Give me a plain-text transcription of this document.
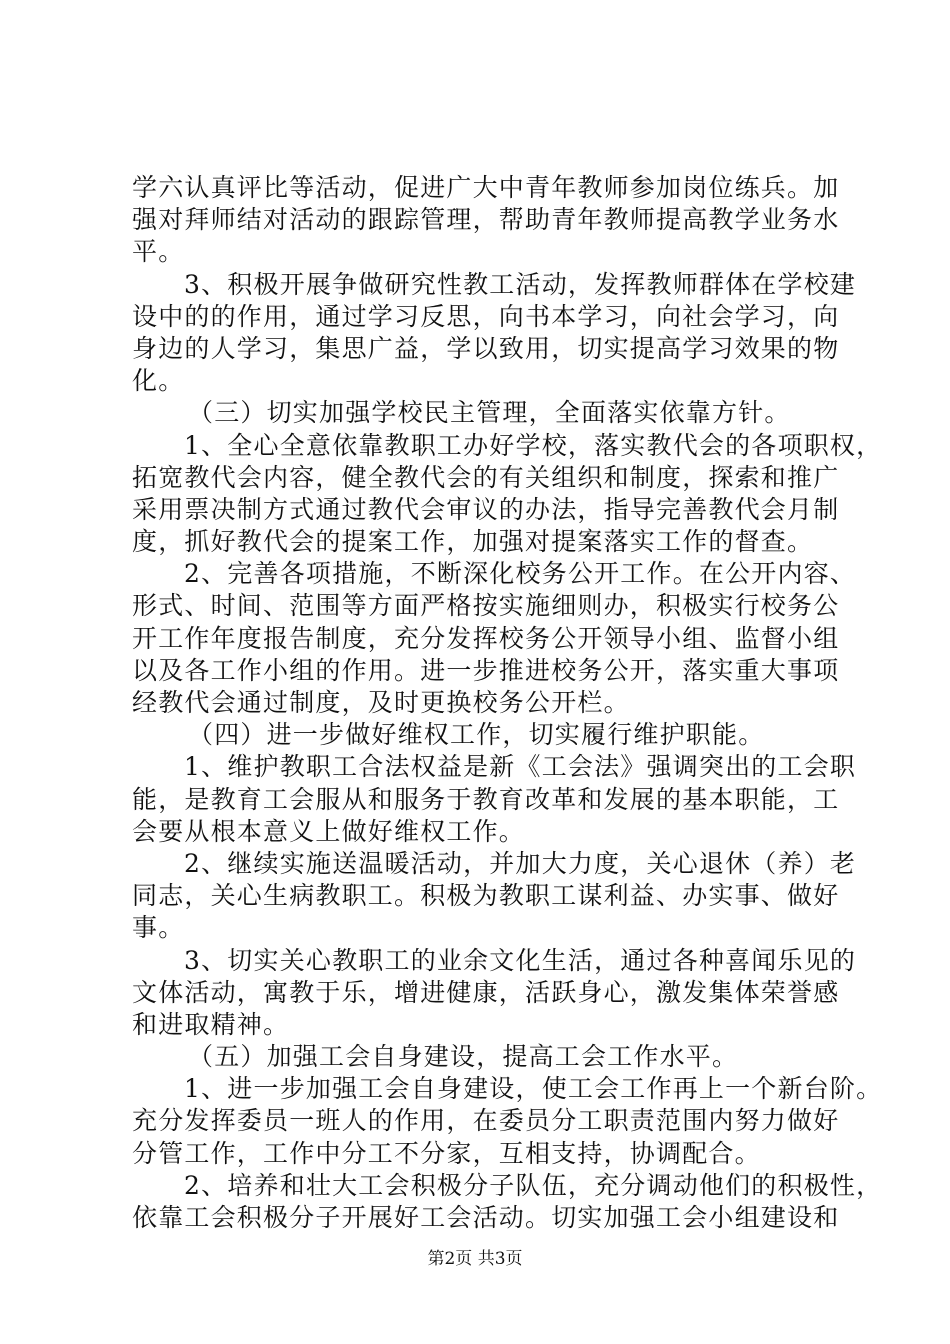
学六认真评比等活动，促进广大中青年教师参加岗位练兵。加
强对拜师结对活动的跟踪管理，帮助青年教师提高教学业务水
平。
3、积极开展争做研究性教工活动，发挥教师群体在学校建
设中的的作用，通过学习反思，向书本学习，向社会学习，向
身边的人学习，集思广益，学以致用，切实提高学习效果的物
化。
（三）切实加强学校民主管理，全面落实依靠方针。
1、全心全意依靠教职工办好学校，落实教代会的各项职权，
拓宽教代会内容，健全教代会的有关组织和制度，探索和推广
采用票决制方式通过教代会审议的办法，指导完善教代会月制
度，抓好教代会的提案工作，加强对提案落实工作的督查。
2、完善各项措施，不断深化校务公开工作。在公开内容、
形式、时间、范围等方面严格按实施细则办，积极实行校务公
开工作年度报告制度，充分发挥校务公开领导小组、监督小组
以及各工作小组的作用。进一步推进校务公开，落实重大事项
经教代会通过制度，及时更换校务公开栏。
（四）进一步做好维权工作，切实履行维护职能。
1、维护教职工合法权益是新《工会法》强调突出的工会职
能，是教育工会服从和服务于教育改革和发展的基本职能，工
会要从根本意义上做好维权工作。
2、继续实施送温暖活动，并加大力度，关心退休（养）老
同志，关心生病教职工。积极为教职工谋利益、办实事、做好
事。
3、切实关心教职工的业余文化生活，通过各种喜闻乐见的
文体活动，寓教于乐，增进健康，活跃身心，激发集体荣誉感
和进取精神。
（五）加强工会自身建设，提高工会工作水平。
1、进一步加强工会自身建设，使工会工作再上一个新台阶。
充分发挥委员一班人的作用，在委员分工职责范围内努力做好
分管工作，工作中分工不分家，互相支持，协调配合。
2、培养和壮大工会积极分子队伍，充分调动他们的积极性，
依靠工会积极分子开展好工会活动。切实加强工会小组建设和
第2页 共3页
